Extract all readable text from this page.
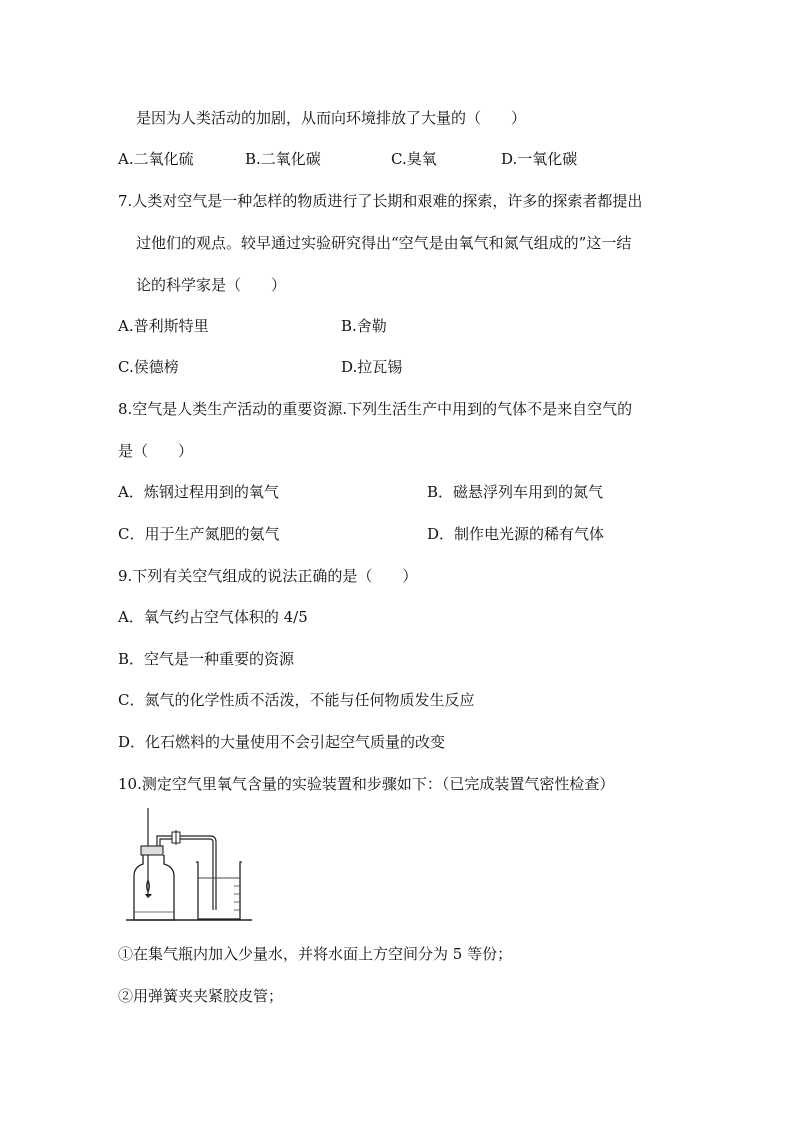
是因为人类活动的加剧，从而向环境排放了大量的（　　）
A.二氧化硫	B.二氧化碳	C.臭氧	D.一氧化碳
7.人类对空气是一种怎样的物质进行了长期和艰难的探索，许多的探索者都提出
过他们的观点。较早通过实验研究得出“空气是由氧气和氮气组成的”这一结
论的科学家是（　　）
A.普利斯特里	B.舍勒
C.侯德榜	D.拉瓦锡
8.空气是人类生产活动的重要资源.下列生活生产中用到的气体不是来自空气的
是（　　）
A．炼钢过程用到的氧气	B．磁悬浮列车用到的氮气
C．用于生产氮肥的氨气	D．制作电光源的稀有气体
9.下列有关空气组成的说法正确的是（　　）
A．氧气约占空气体积的 4/5
B．空气是一种重要的资源
C．氮气的化学性质不活泼，不能与任何物质发生反应
D．化石燃料的大量使用不会引起空气质量的改变
10.测定空气里氧气含量的实验装置和步骤如下：（已完成装置气密性检查）
①在集气瓶内加入少量水，并将水面上方空间分为 5 等份；
②用弹簧夹夹紧胶皮管；
